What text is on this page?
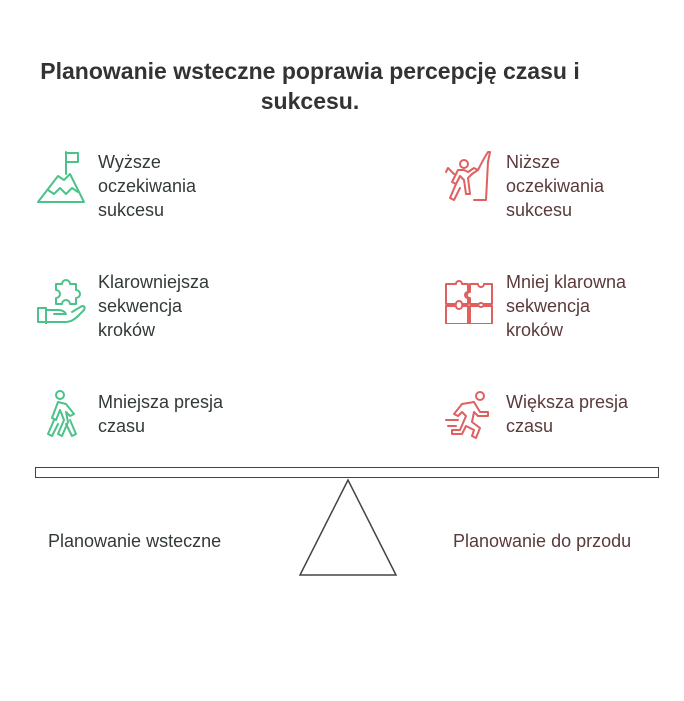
Planowanie wsteczne poprawia percepcję czasu i
sukcesu.
Wyższe
oczekiwania
sukcesu
Klarowniejsza
sekwencja
kroków
Mniejsza presja
czasu
Niższe
oczekiwania
sukcesu
Mniej klarowna
sekwencja
kroków
Większa presja
czasu
Planowanie wsteczne	Planowanie do przodu
